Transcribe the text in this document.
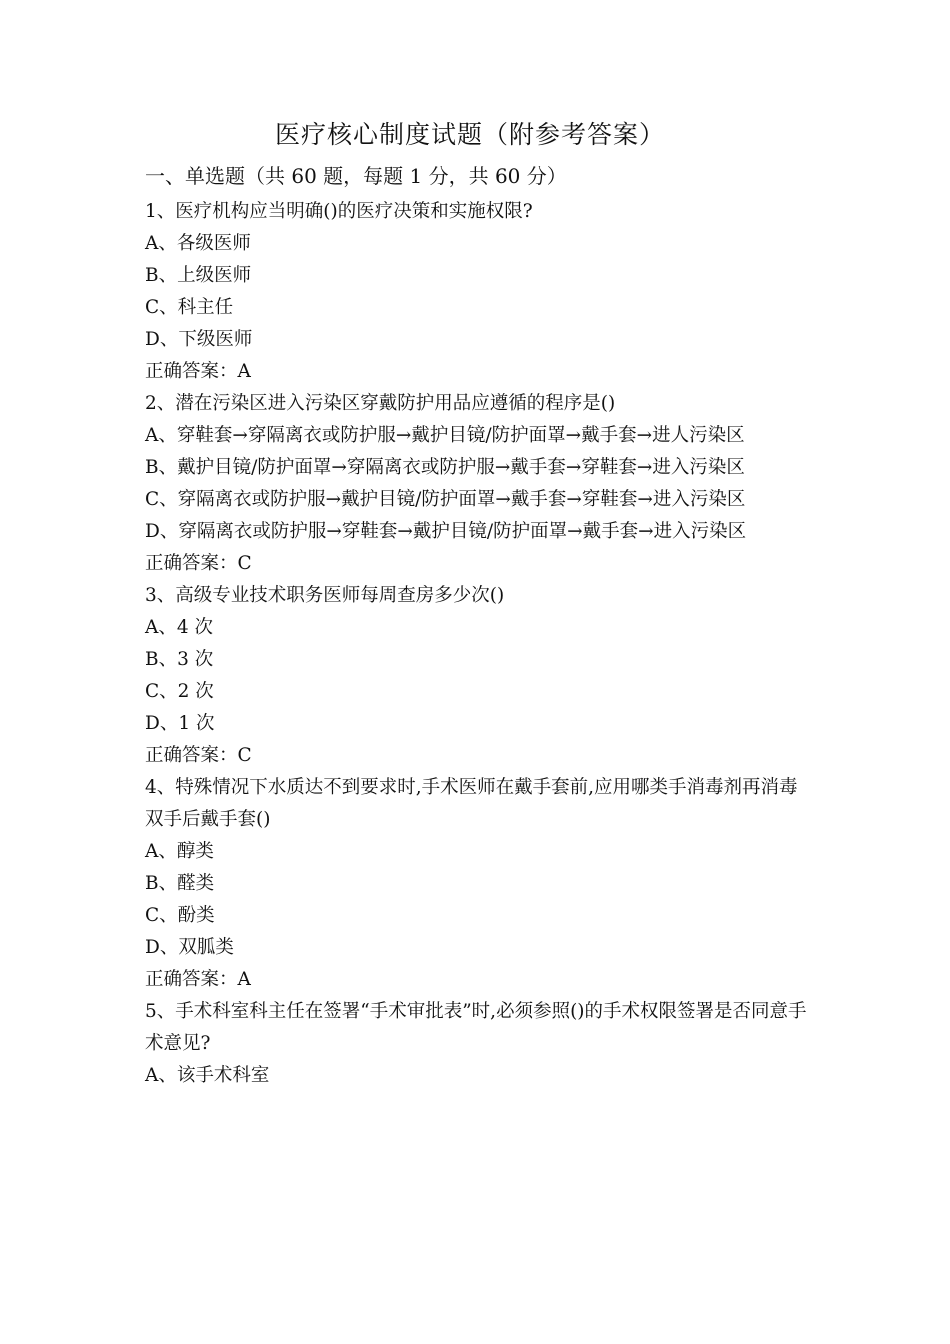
医疗核心制度试题（附参考答案）
一、单选题（共 60 题，每题 1 分，共 60 分）

1、医疗机构应当明确()的医疗决策和实施权限?

A、各级医师

B、上级医师

C、科主任

D、下级医师

正确答案：A

2、潜在污染区进入污染区穿戴防护用品应遵循的程序是()

A、穿鞋套→穿隔离衣或防护服→戴护目镜/防护面罩→戴手套→进人污染区

B、戴护目镜/防护面罩→穿隔离衣或防护服→戴手套→穿鞋套→进入污染区

C、穿隔离衣或防护服→戴护目镜/防护面罩→戴手套→穿鞋套→进入污染区

D、穿隔离衣或防护服→穿鞋套→戴护目镜/防护面罩→戴手套→进入污染区

正确答案：C

3、高级专业技术职务医师每周查房多少次()

A、4 次

B、3 次

C、2 次

D、1 次

正确答案：C

4、特殊情况下水质达不到要求时,手术医师在戴手套前,应用哪类手消毒剂再消毒双手后戴手套()

A、醇类

B、醛类

C、酚类

D、双胍类

正确答案：A

5、手术科室科主任在签署“手术审批表”时,必须参照()的手术权限签署是否同意手术意见?

A、该手术科室
